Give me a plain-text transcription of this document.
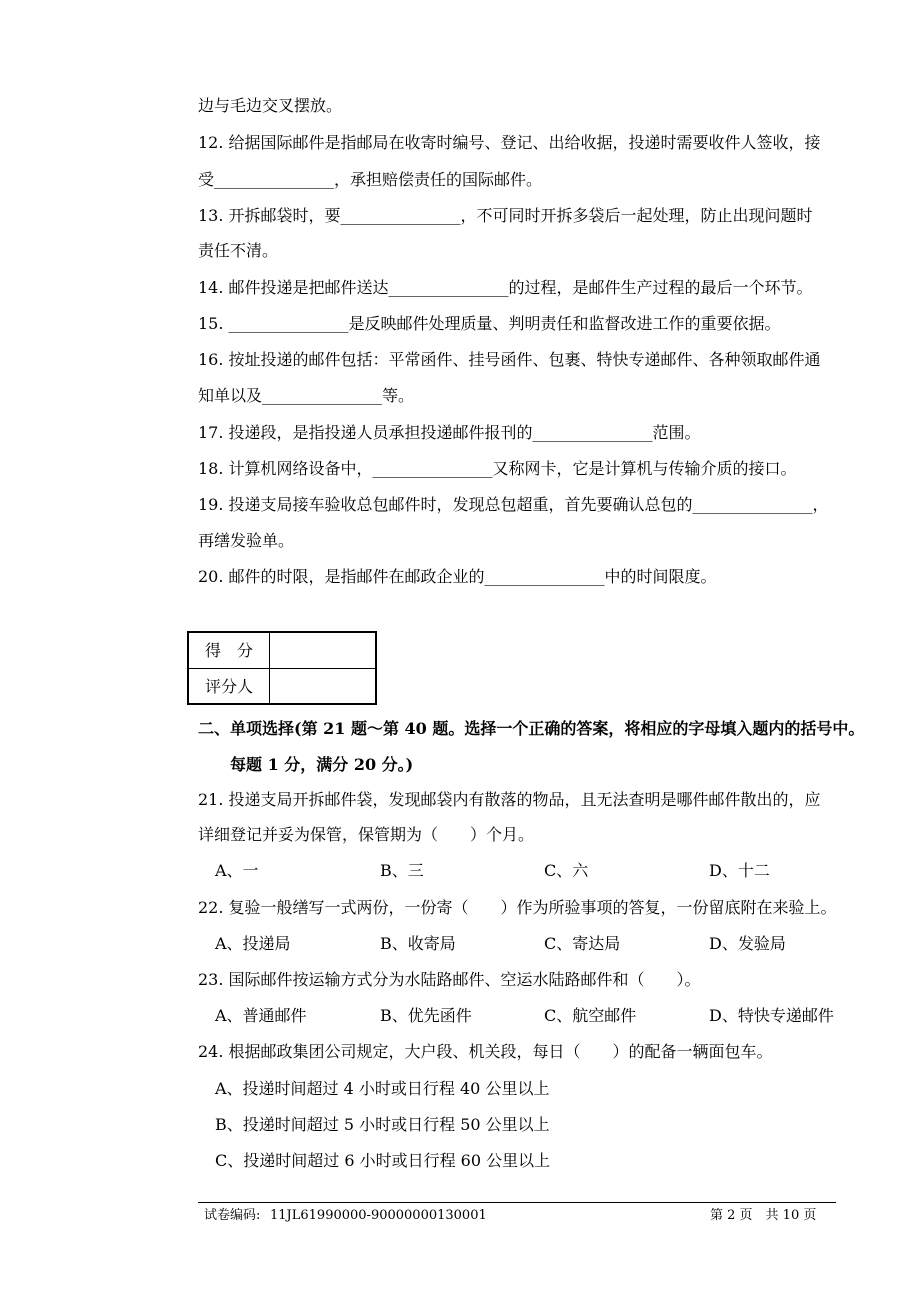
边与毛边交叉摆放。
12. 给据国际邮件是指邮局在收寄时编号、登记、出给收据，投递时需要收件人签收，接
受_______________，承担赔偿责任的国际邮件。
13. 开拆邮袋时，要_______________，不可同时开拆多袋后一起处理，防止出现问题时
责任不清。
14. 邮件投递是把邮件送达_______________的过程，是邮件生产过程的最后一个环节。
15. _______________是反映邮件处理质量、判明责任和监督改进工作的重要依据。
16. 按址投递的邮件包括：平常函件、挂号函件、包裹、特快专递邮件、各种领取邮件通
知单以及_______________等。
17. 投递段，是指投递人员承担投递邮件报刊的_______________范围。
18. 计算机网络设备中，_______________又称网卡，它是计算机与传输介质的接口。
19. 投递支局接车验收总包邮件时，发现总包超重，首先要确认总包的_______________，
再缮发验单。
20. 邮件的时限，是指邮件在邮政企业的_______________中的时间限度。
得　分
评分人
二、单项选择(第 21 题～第 40 题。选择一个正确的答案，将相应的字母填入题内的括号中。
每题 1 分，满分 20 分。)
21. 投递支局开拆邮件袋，发现邮袋内有散落的物品，且无法查明是哪件邮件散出的，应
详细登记并妥为保管，保管期为（　　）个月。
A、一	B、三	C、六	D、十二
22. 复验一般缮写一式两份，一份寄（　　）作为所验事项的答复，一份留底附在来验上。
A、投递局	B、收寄局	C、寄达局	D、发验局
23. 国际邮件按运输方式分为水陆路邮件、空运水陆路邮件和（　　）。
A、普通邮件	B、优先函件	C、航空邮件	D、特快专递邮件
24. 根据邮政集团公司规定，大户段、机关段，每日（　　）的配备一辆面包车。
A、投递时间超过 4 小时或日行程 40 公里以上
B、投递时间超过 5 小时或日行程 50 公里以上
C、投递时间超过 6 小时或日行程 60 公里以上
试卷编码: 11JL61990000-90000000130001	第 2 页　共 10 页
